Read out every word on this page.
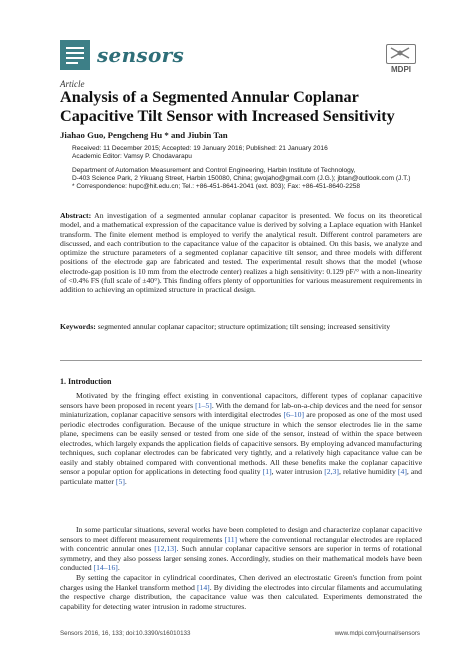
sensors
MDPI
Article
Analysis of a Segmented Annular Coplanar Capacitive Tilt Sensor with Increased Sensitivity
Jiahao Guo, Pengcheng Hu * and Jiubin Tan
Received: 11 December 2015; Accepted: 19 January 2016; Published: 21 January 2016
Academic Editor: Vamsy P. Chodavarapu
Department of Automation Measurement and Control Engineering, Harbin Institute of Technology,
D-403 Science Park, 2 Yikuang Street, Harbin 150080, China; gwojaho@gmail.com (J.G.); jbtan@outlook.com (J.T.)
* Correspondence: hupc@hit.edu.cn; Tel.: +86-451-8641-2041 (ext. 803); Fax: +86-451-8640-2258
Abstract: An investigation of a segmented annular coplanar capacitor is presented. We focus on its theoretical model, and a mathematical expression of the capacitance value is derived by solving a Laplace equation with Hankel transform. The finite element method is employed to verify the analytical result. Different control parameters are discussed, and each contribution to the capacitance value of the capacitor is obtained. On this basis, we analyze and optimize the structure parameters of a segmented coplanar capacitive tilt sensor, and three models with different positions of the electrode gap are fabricated and tested. The experimental result shows that the model (whose electrode-gap position is 10 mm from the electrode center) realizes a high sensitivity: 0.129 pF/° with a non-linearity of <0.4% FS (full scale of ±40°). This finding offers plenty of opportunities for various measurement requirements in addition to achieving an optimized structure in practical design.
Keywords: segmented annular coplanar capacitor; structure optimization; tilt sensing; increased sensitivity
1. Introduction
Motivated by the fringing effect existing in conventional capacitors, different types of coplanar capacitive sensors have been proposed in recent years [1–5]. With the demand for lab-on-a-chip devices and the need for sensor miniaturization, coplanar capacitive sensors with interdigital electrodes [6–10] are proposed as one of the most used periodic electrodes configuration. Because of the unique structure in which the sensor electrodes lie in the same plane, specimens can be easily sensed or tested from one side of the sensor, instead of within the space between electrodes, which largely expands the application fields of capacitive sensors. By employing advanced manufacturing techniques, such coplanar electrodes can be fabricated very tightly, and a relatively high capacitance value can be easily and stably obtained compared with conventional methods. All these benefits make the coplanar capacitive sensor a popular option for applications in detecting food quality [1], water intrusion [2,3], relative humidity [4], and particulate matter [5].
In some particular situations, several works have been completed to design and characterize coplanar capacitive sensors to meet different measurement requirements [11] where the conventional rectangular electrodes are replaced with concentric annular ones [12,13]. Such annular coplanar capacitive sensors are superior in terms of rotational symmetry, and they also possess larger sensing zones. Accordingly, studies on their mathematical models have been conducted [14–16].
By setting the capacitor in cylindrical coordinates, Chen derived an electrostatic Green's function from point charges using the Hankel transform method [14]. By dividing the electrodes into circular filaments and accumulating the respective charge distribution, the capacitance value was then calculated. Experiments demonstrated the capability for detecting water intrusion in radome structures.
Sensors 2016, 16, 133; doi:10.3390/s16010133	www.mdpi.com/journal/sensors
